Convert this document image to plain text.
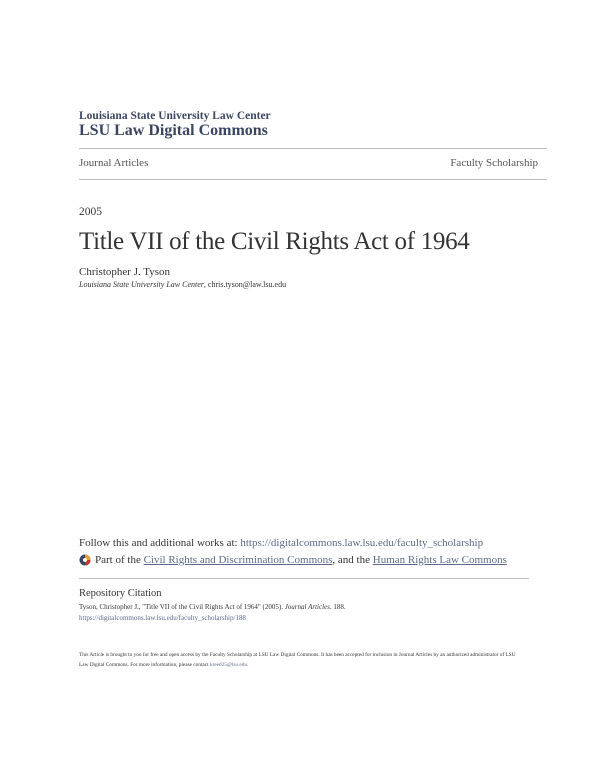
Louisiana State University Law Center
LSU Law Digital Commons
Journal Articles	Faculty Scholarship
2005
Title VII of the Civil Rights Act of 1964
Christopher J. Tyson
Louisiana State University Law Center, chris.tyson@law.lsu.edu
Follow this and additional works at: https://digitalcommons.law.lsu.edu/faculty_scholarship
Part of the
Civil Rights and Discrimination Commons , and the
Human Rights Law Commons
Repository Citation
Tyson, Christopher J., "Title VII of the Civil Rights Act of 1964" (2005). Journal Articles. 188.
https://digitalcommons.law.lsu.edu/faculty_scholarship/188
This Article is brought to you for free and open access by the Faculty Scholarship at LSU Law Digital Commons. It has been accepted for inclusion in Journal Articles by an authorized administrator of LSU Law Digital Commons. For more information, please contact kreed25@lsu.edu.
